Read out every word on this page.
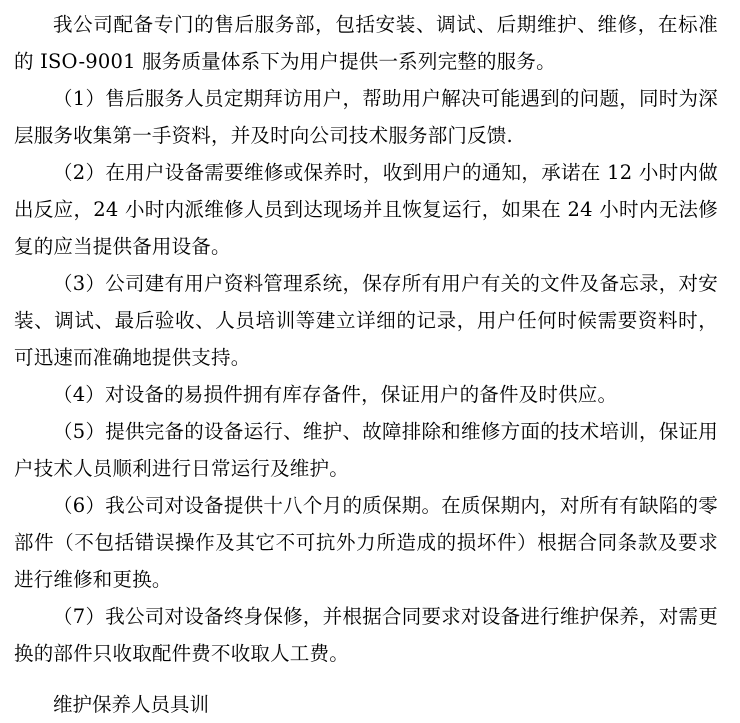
我公司配备专门的售后服务部，包括安装、调试、后期维护、维修，在标准的 ISO-9001 服务质量体系下为用户提供一系列完整的服务。

（1）售后服务人员定期拜访用户，帮助用户解决可能遇到的问题，同时为深层服务收集第一手资料，并及时向公司技术服务部门反馈.

（2）在用户设备需要维修或保养时，收到用户的通知，承诺在 12 小时内做出反应，24 小时内派维修人员到达现场并且恢复运行，如果在 24 小时内无法修复的应当提供备用设备。

（3）公司建有用户资料管理系统，保存所有用户有关的文件及备忘录，对安装、调试、最后验收、人员培训等建立详细的记录，用户任何时候需要资料时，可迅速而准确地提供支持。

（4）对设备的易损件拥有库存备件，保证用户的备件及时供应。

（5）提供完备的设备运行、维护、故障排除和维修方面的技术培训，保证用户技术人员顺利进行日常运行及维护。

（6）我公司对设备提供十八个月的质保期。在质保期内，对所有有缺陷的零部件（不包括错误操作及其它不可抗外力所造成的损坏件）根据合同条款及要求进行维修和更换。

（7）我公司对设备终身保修，并根据合同要求对设备进行维护保养，对需更换的部件只收取配件费不收取人工费。

维护保养人员具训
